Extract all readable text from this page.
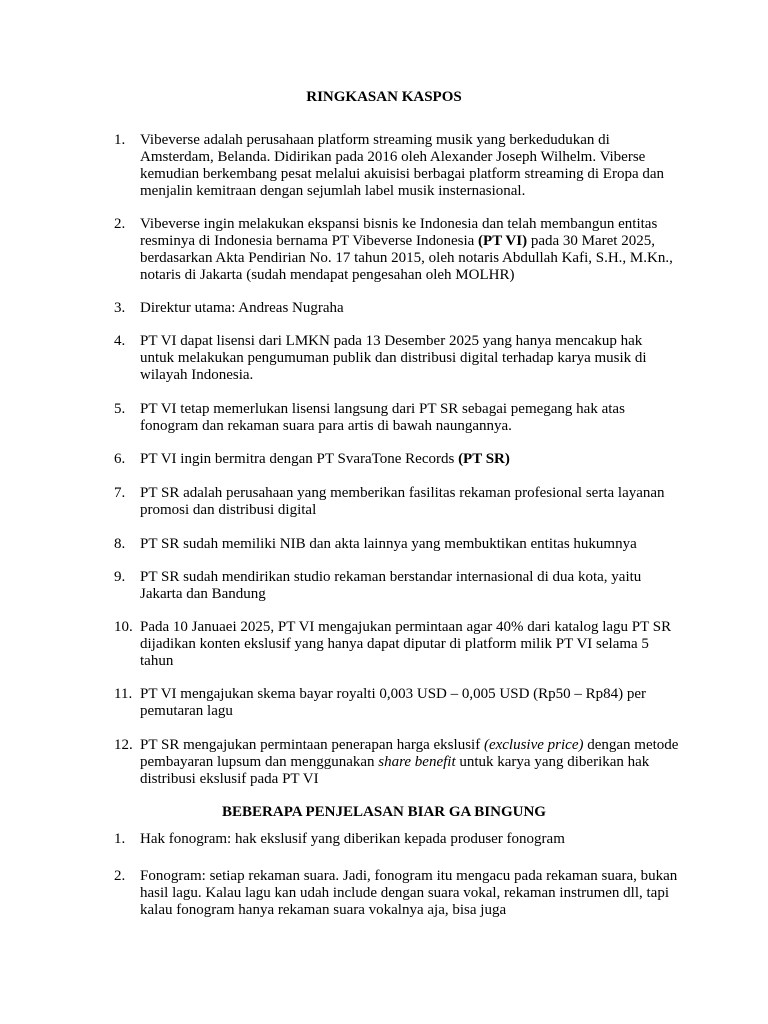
RINGKASAN KASPOS
1. Vibeverse adalah perusahaan platform streaming musik yang berkedudukan di Amsterdam, Belanda. Didirikan pada 2016 oleh Alexander Joseph Wilhelm. Viberse kemudian berkembang pesat melalui akuisisi berbagai platform streaming di Eropa dan menjalin kemitraan dengan sejumlah label musik insternasional.
2. Vibeverse ingin melakukan ekspansi bisnis ke Indonesia dan telah membangun entitas resminya di Indonesia bernama PT Vibeverse Indonesia (PT VI) pada 30 Maret 2025, berdasarkan Akta Pendirian No. 17 tahun 2015, oleh notaris Abdullah Kafi, S.H., M.Kn., notaris di Jakarta (sudah mendapat pengesahan oleh MOLHR)
3. Direktur utama: Andreas Nugraha
4. PT VI dapat lisensi dari LMKN pada 13 Desember 2025 yang hanya mencakup hak untuk melakukan pengumuman publik dan distribusi digital terhadap karya musik di wilayah Indonesia.
5. PT VI tetap memerlukan lisensi langsung dari PT SR sebagai pemegang hak atas fonogram dan rekaman suara para artis di bawah naungannya.
6. PT VI ingin bermitra dengan PT SvaraTone Records (PT SR)
7. PT SR adalah perusahaan yang memberikan fasilitas rekaman profesional serta layanan promosi dan distribusi digital
8. PT SR sudah memiliki NIB dan akta lainnya yang membuktikan entitas hukumnya
9. PT SR sudah mendirikan studio rekaman berstandar internasional di dua kota, yaitu Jakarta dan Bandung
10. Pada 10 Januaei 2025, PT VI mengajukan permintaan agar 40% dari katalog lagu PT SR dijadikan konten ekslusif yang hanya dapat diputar di platform milik PT VI selama 5 tahun
11. PT VI mengajukan skema bayar royalti 0,003 USD – 0,005 USD (Rp50 – Rp84) per pemutaran lagu
12. PT SR mengajukan permintaan penerapan harga ekslusif (exclusive price) dengan metode pembayaran lupsum dan menggunakan share benefit untuk karya yang diberikan hak distribusi ekslusif pada PT VI
BEBERAPA PENJELASAN BIAR GA BINGUNG
1. Hak fonogram: hak ekslusif yang diberikan kepada produser fonogram
2. Fonogram: setiap rekaman suara. Jadi, fonogram itu mengacu pada rekaman suara, bukan hasil lagu. Kalau lagu kan udah include dengan suara vokal, rekaman instrumen dll, tapi kalau fonogram hanya rekaman suara vokalnya aja, bisa juga
